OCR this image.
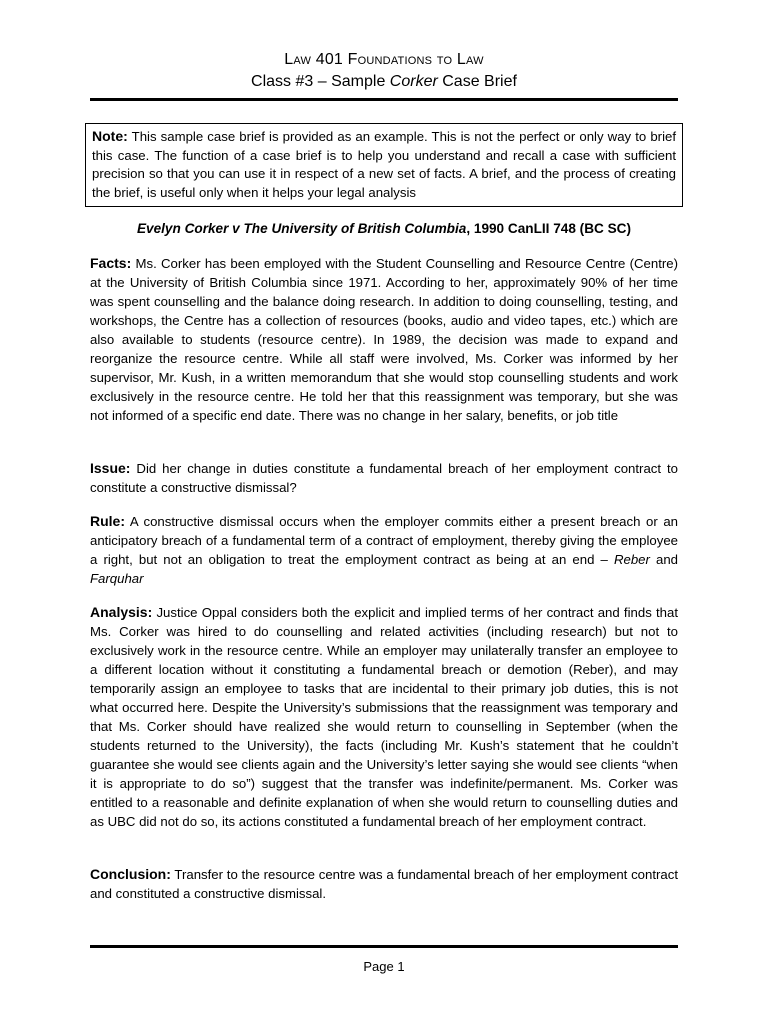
Law 401 Foundations to Law
Class #3 – Sample Corker Case Brief
Note: This sample case brief is provided as an example. This is not the perfect or only way to brief this case. The function of a case brief is to help you understand and recall a case with sufficient precision so that you can use it in respect of a new set of facts. A brief, and the process of creating the brief, is useful only when it helps your legal analysis
Evelyn Corker v The University of British Columbia, 1990 CanLII 748 (BC SC)
Facts: Ms. Corker has been employed with the Student Counselling and Resource Centre (Centre) at the University of British Columbia since 1971. According to her, approximately 90% of her time was spent counselling and the balance doing research. In addition to doing counselling, testing, and workshops, the Centre has a collection of resources (books, audio and video tapes, etc.) which are also available to students (resource centre). In 1989, the decision was made to expand and reorganize the resource centre. While all staff were involved, Ms. Corker was informed by her supervisor, Mr. Kush, in a written memorandum that she would stop counselling students and work exclusively in the resource centre. He told her that this reassignment was temporary, but she was not informed of a specific end date. There was no change in her salary, benefits, or job title
Issue: Did her change in duties constitute a fundamental breach of her employment contract to constitute a constructive dismissal?
Rule: A constructive dismissal occurs when the employer commits either a present breach or an anticipatory breach of a fundamental term of a contract of employment, thereby giving the employee a right, but not an obligation to treat the employment contract as being at an end – Reber and Farquhar
Analysis: Justice Oppal considers both the explicit and implied terms of her contract and finds that Ms. Corker was hired to do counselling and related activities (including research) but not to exclusively work in the resource centre. While an employer may unilaterally transfer an employee to a different location without it constituting a fundamental breach or demotion (Reber), and may temporarily assign an employee to tasks that are incidental to their primary job duties, this is not what occurred here. Despite the University’s submissions that the reassignment was temporary and that Ms. Corker should have realized she would return to counselling in September (when the students returned to the University), the facts (including Mr. Kush’s statement that he couldn’t guarantee she would see clients again and the University’s letter saying she would see clients “when it is appropriate to do so”) suggest that the transfer was indefinite/permanent. Ms. Corker was entitled to a reasonable and definite explanation of when she would return to counselling duties and as UBC did not do so, its actions constituted a fundamental breach of her employment contract.
Conclusion: Transfer to the resource centre was a fundamental breach of her employment contract and constituted a constructive dismissal.
Page 1
